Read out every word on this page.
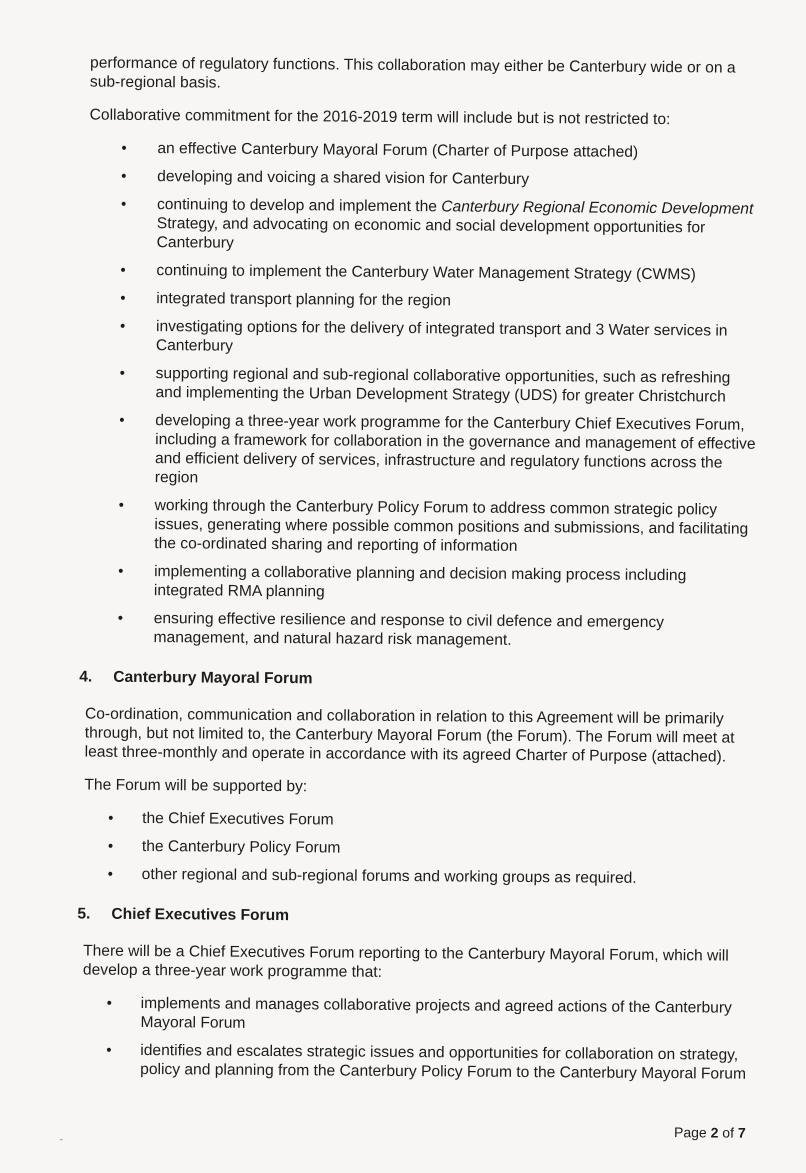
performance of regulatory functions. This collaboration may either be Canterbury wide or on a sub-regional basis.

Collaborative commitment for the 2016-2019 term will include but is not restricted to:

• an effective Canterbury Mayoral Forum (Charter of Purpose attached)
• developing and voicing a shared vision for Canterbury
• continuing to develop and implement the Canterbury Regional Economic Development Strategy, and advocating on economic and social development opportunities for Canterbury
• continuing to implement the Canterbury Water Management Strategy (CWMS)
• integrated transport planning for the region
• investigating options for the delivery of integrated transport and 3 Water services in Canterbury
• supporting regional and sub-regional collaborative opportunities, such as refreshing and implementing the Urban Development Strategy (UDS) for greater Christchurch
• developing a three-year work programme for the Canterbury Chief Executives Forum, including a framework for collaboration in the governance and management of effective and efficient delivery of services, infrastructure and regulatory functions across the region
• working through the Canterbury Policy Forum to address common strategic policy issues, generating where possible common positions and submissions, and facilitating the co-ordinated sharing and reporting of information
• implementing a collaborative planning and decision making process including integrated RMA planning
• ensuring effective resilience and response to civil defence and emergency management, and natural hazard risk management.
4. Canterbury Mayoral Forum

Co-ordination, communication and collaboration in relation to this Agreement will be primarily through, but not limited to, the Canterbury Mayoral Forum (the Forum). The Forum will meet at least three-monthly and operate in accordance with its agreed Charter of Purpose (attached).

The Forum will be supported by:

• the Chief Executives Forum
• the Canterbury Policy Forum
• other regional and sub-regional forums and working groups as required.
5. Chief Executives Forum

There will be a Chief Executives Forum reporting to the Canterbury Mayoral Forum, which will develop a three-year work programme that:

• implements and manages collaborative projects and agreed actions of the Canterbury Mayoral Forum
• identifies and escalates strategic issues and opportunities for collaboration on strategy, policy and planning from the Canterbury Policy Forum to the Canterbury Mayoral Forum
-	Page 2 of 7
